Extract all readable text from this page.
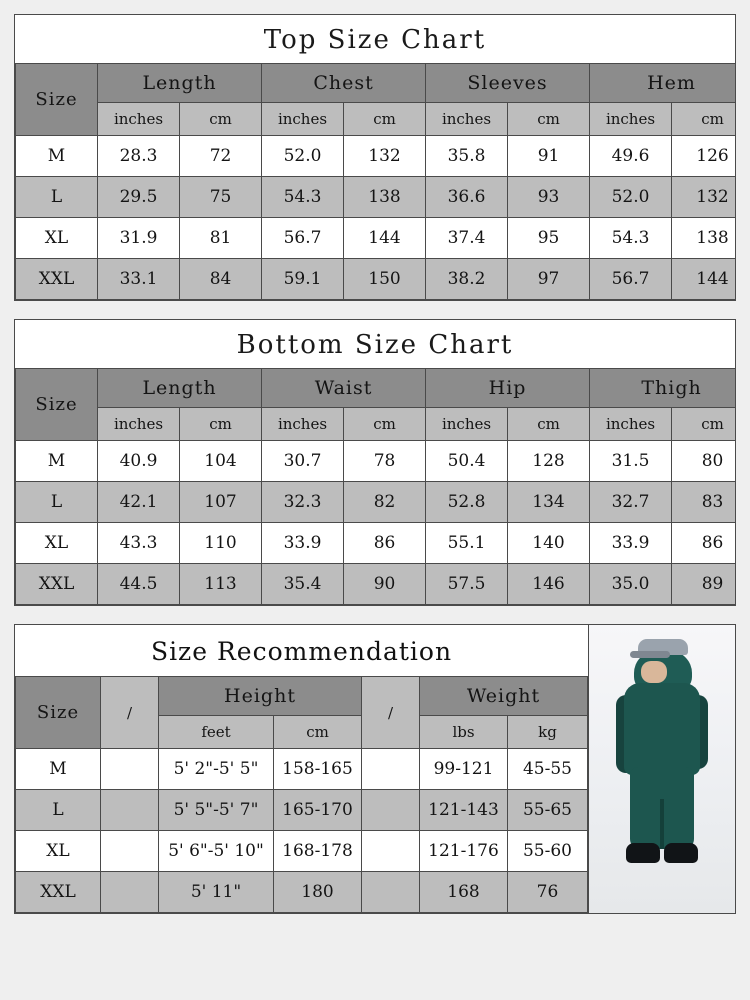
Top Size Chart
Size	Length		Chest		Sleeves		Hem	
	inches	cm	inches	cm	inches	cm	inches	cm
M	28.3	72	52.0	132	35.8	91	49.6	126
L	29.5	75	54.3	138	36.6	93	52.0	132
XL	31.9	81	56.7	144	37.4	95	54.3	138
XXL	33.1	84	59.1	150	38.2	97	56.7	144
Bottom Size Chart
Size	Length		Waist		Hip		Thigh	
	inches	cm	inches	cm	inches	cm	inches	cm
M	40.9	104	30.7	78	50.4	128	31.5	80
L	42.1	107	32.3	82	52.8	134	32.7	83
XL	43.3	110	33.9	86	55.1	140	33.9	86
XXL	44.5	113	35.4	90	57.5	146	35.0	89
Size Recommendation
Size	/	Height		/	Weight	
		feet	cm		lbs	kg
M		5' 2"-5' 5"	158-165		99-121	45-55
L		5' 5"-5' 7"	165-170		121-143	55-65
XL		5' 6"-5' 10"	168-178		121-176	55-60
XXL		5' 11"	180		168	76
